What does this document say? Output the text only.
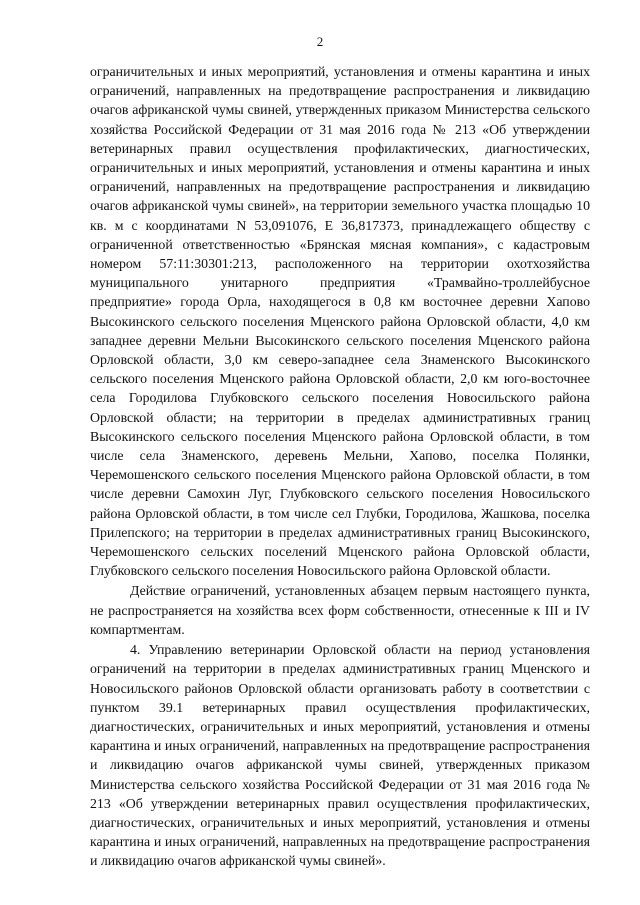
2

ограничительных и иных мероприятий, установления и отмены карантина и иных ограничений, направленных на предотвращение распространения и ликвидацию очагов африканской чумы свиней, утвержденных приказом Министерства сельского хозяйства Российской Федерации от 31 мая 2016 года № 213 «Об утверждении ветеринарных правил осуществления профилактических, диагностических, ограничительных и иных мероприятий, установления и отмены карантина и иных ограничений, направленных на предотвращение распространения и ликвидацию очагов африканской чумы свиней», на территории земельного участка площадью 10 кв. м с координатами N 53,091076, E 36,817373, принадлежащего обществу с ограниченной ответственностью «Брянская мясная компания», с кадастровым номером 57:11:30301:213, расположенного на территории охотхозяйства муниципального унитарного предприятия «Трамвайно-троллейбусное предприятие» города Орла, находящегося в 0,8 км восточнее деревни Хапово Высокинского сельского поселения Мценского района Орловской области, 4,0 км западнее деревни Мельни Высокинского сельского поселения Мценского района Орловской области, 3,0 км северо-западнее села Знаменского Высокинского сельского поселения Мценского района Орловской области, 2,0 км юго-восточнее села Городилова Глубковского сельского поселения Новосильского района Орловской области; на территории в пределах административных границ Высокинского сельского поселения Мценского района Орловской области, в том числе села Знаменского, деревень Мельни, Хапово, поселка Полянки, Черемошенского сельского поселения Мценского района Орловской области, в том числе деревни Самохин Луг, Глубковского сельского поселения Новосильского района Орловской области, в том числе сел Глубки, Городилова, Жашкова, поселка Прилепского; на территории в пределах административных границ Высокинского, Черемошенского сельских поселений Мценского района Орловской области, Глубковского сельского поселения Новосильского района Орловской области.

Действие ограничений, установленных абзацем первым настоящего пункта, не распространяется на хозяйства всех форм собственности, отнесенные к III и IV компартментам.

4. Управлению ветеринарии Орловской области на период установления ограничений на территории в пределах административных границ Мценского и Новосильского районов Орловской области организовать работу в соответствии с пунктом 39.1 ветеринарных правил осуществления профилактических, диагностических, ограничительных и иных мероприятий, установления и отмены карантина и иных ограничений, направленных на предотвращение распространения и ликвидацию очагов африканской чумы свиней, утвержденных приказом Министерства сельского хозяйства Российской Федерации от 31 мая 2016 года № 213 «Об утверждении ветеринарных правил осуществления профилактических, диагностических, ограничительных и иных мероприятий, установления и отмены карантина и иных ограничений, направленных на предотвращение распространения и ликвидацию очагов африканской чумы свиней».
